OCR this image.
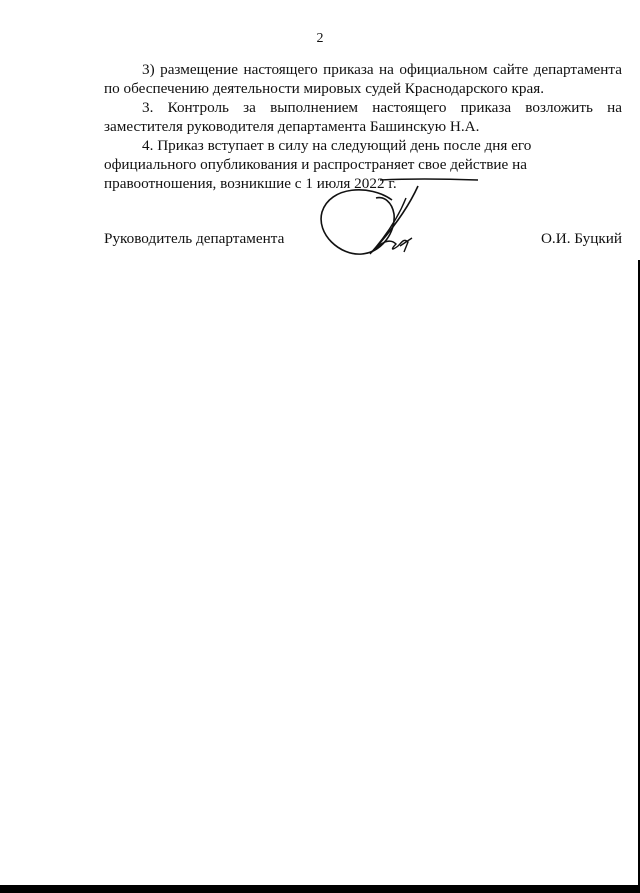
2

3) размещение настоящего приказа на официальном сайте департамента по обеспечению деятельности мировых судей Краснодарского края.

3. Контроль за выполнением настоящего приказа возложить на заместителя руководителя департамента Башинскую Н.А.

4. Приказ вступает в силу на следующий день после дня его официального опубликования и распространяет свое действие на правоотношения, возникшие с 1 июля 2022 г.

Руководитель департамента	О.И. Буцкий
